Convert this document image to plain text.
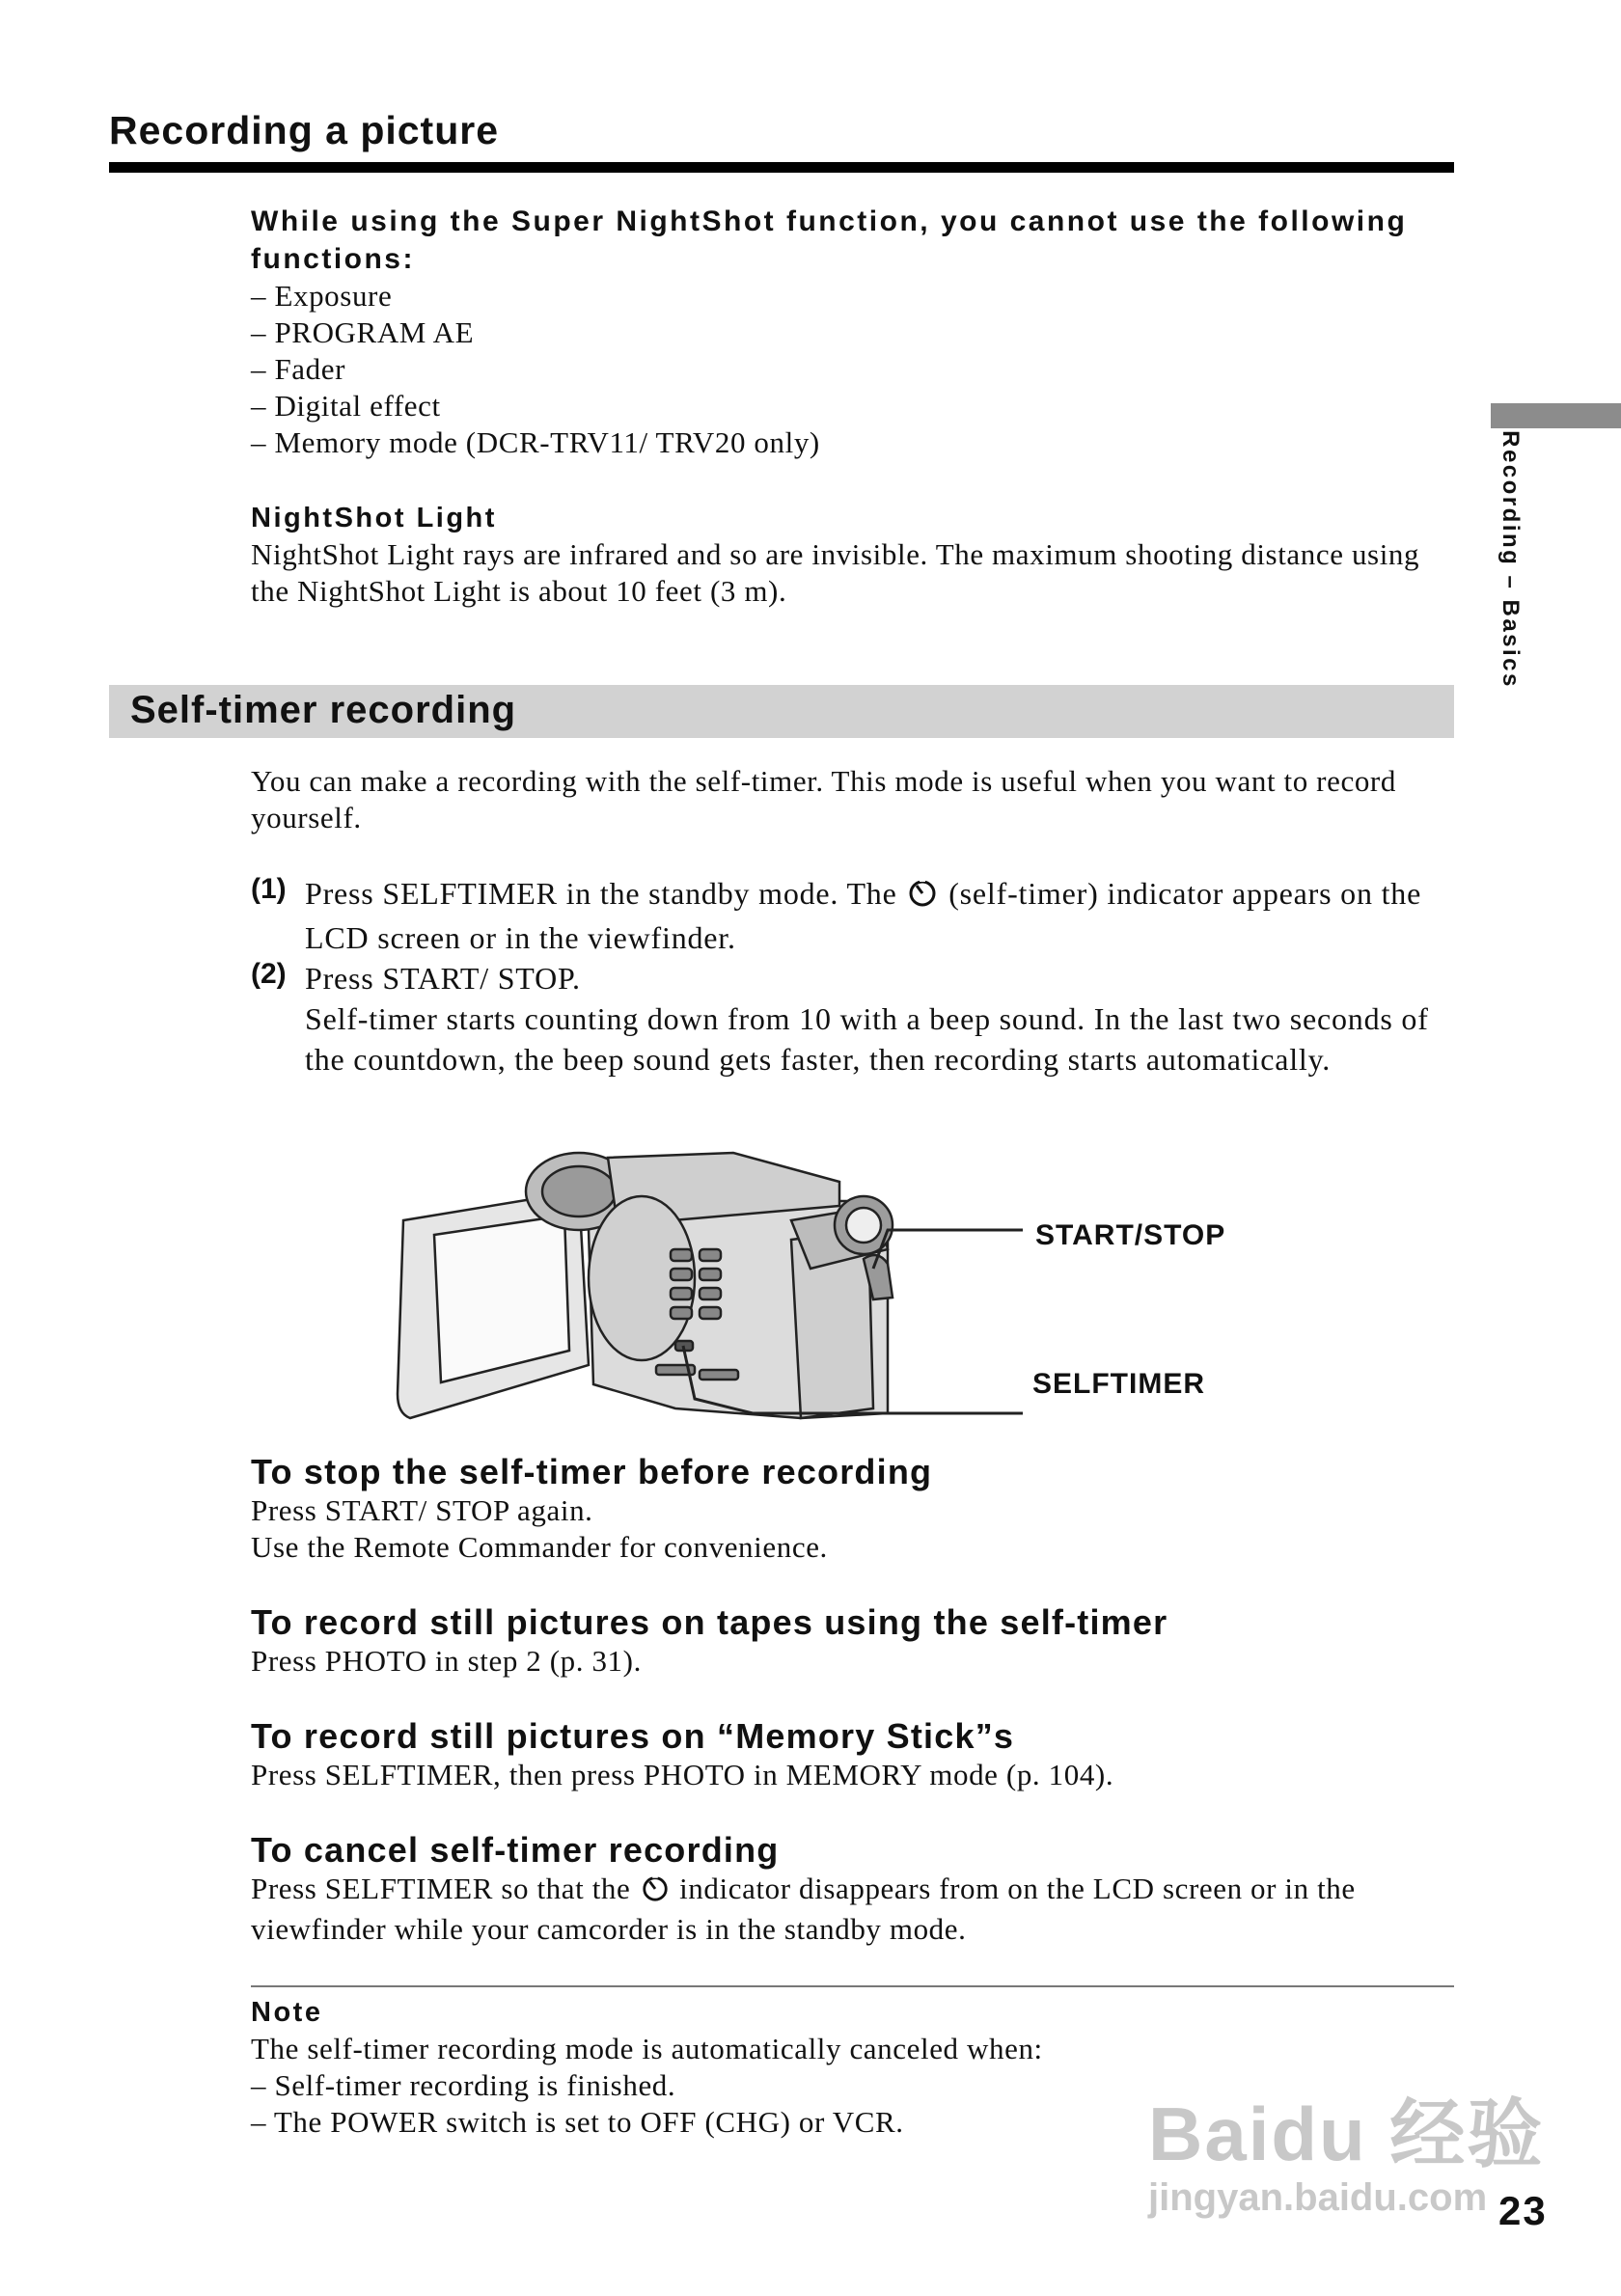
Recording a picture
Recording – Basics
While using the Super NightShot function, you cannot use the following functions:
– Exposure
– PROGRAM AE
– Fader
– Digital effect
– Memory mode (DCR-TRV11/ TRV20 only)
NightShot Light
NightShot Light rays are infrared and so are invisible. The maximum shooting distance using the NightShot Light is about 10 feet (3 m).
Self-timer recording
You can make a recording with the self-timer. This mode is useful when you want to record yourself.
(1) Press SELFTIMER in the standby mode. The (self-timer) indicator appears on the LCD screen or in the viewfinder.
(2) Press START/ STOP.
Self-timer starts counting down from 10 with a beep sound. In the last two seconds of the countdown, the beep sound gets faster, then recording starts automatically.
START/STOP
SELFTIMER
To stop the self-timer before recording
Press START/ STOP again.
Use the Remote Commander for convenience.
To record still pictures on tapes using the self-timer
Press PHOTO in step 2 (p. 31).
To record still pictures on “Memory Stick”s
Press SELFTIMER, then press PHOTO in MEMORY mode (p. 104).
To cancel self-timer recording
Press SELFTIMER so that the indicator disappears from on the LCD screen or in the viewfinder while your camcorder is in the standby mode.
Note
The self-timer recording mode is automatically canceled when:
– Self-timer recording is finished.
– The POWER switch is set to OFF (CHG) or VCR.	Baidu 经验
jingyan.baidu.com 23
